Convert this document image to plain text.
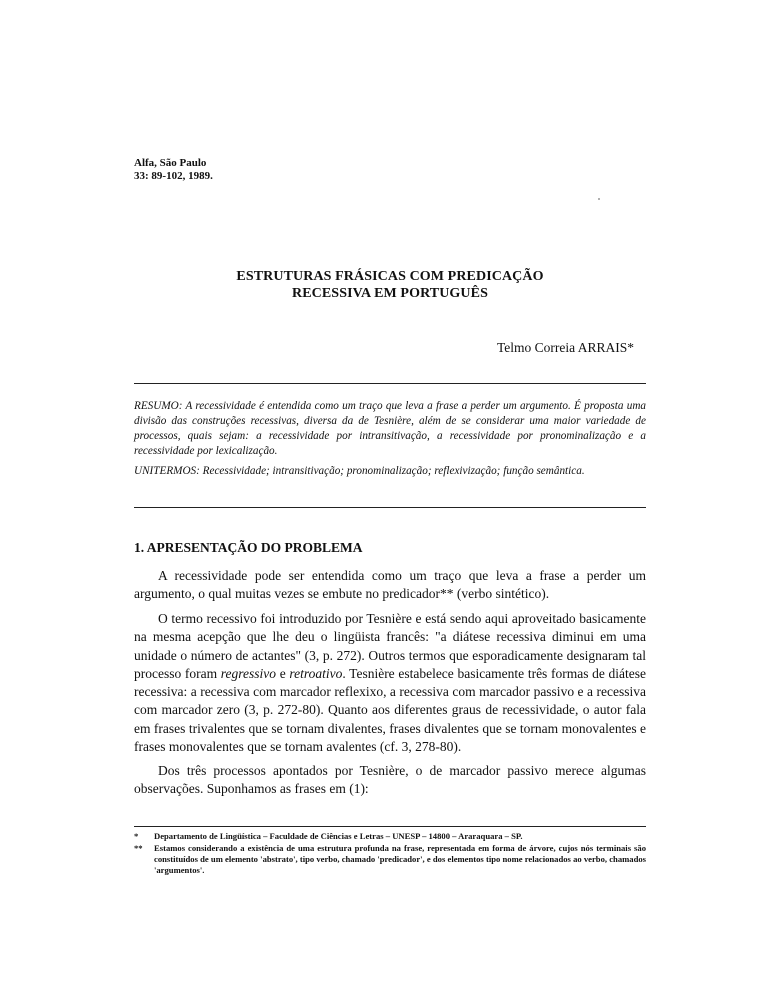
Alfa, São Paulo
33: 89-102, 1989.
ESTRUTURAS FRÁSICAS COM PREDICAÇÃO
RECESSIVA EM PORTUGUÊS
Telmo Correia ARRAIS*
RESUMO: A recessividade é entendida como um traço que leva a frase a perder um argumento. É proposta uma divisão das construções recessivas, diversa da de Tesnière, além de se considerar uma maior variedade de processos, quais sejam: a recessividade por intransitivação, a recessividade por pronominalização e a recessividade por lexicalização.
UNITERMOS: Recessividade; intransitivação; pronominalização; reflexivização; função semântica.
1. APRESENTAÇÃO DO PROBLEMA

A recessividade pode ser entendida como um traço que leva a frase a perder um argumento, o qual muitas vezes se embute no predicador** (verbo sintético).

O termo recessivo foi introduzido por Tesnière e está sendo aqui aproveitado basicamente na mesma acepção que lhe deu o lingüista francês: "a diátese recessiva diminui em uma unidade o número de actantes" (3, p. 272). Outros termos que esporadicamente designaram tal processo foram regressivo e retroativo. Tesnière estabelece basicamente três formas de diátese recessiva: a recessiva com marcador reflexixo, a recessiva com marcador passivo e a recessiva com marcador zero (3, p. 272-80). Quanto aos diferentes graus de recessividade, o autor fala em frases trivalentes que se tornam divalentes, frases divalentes que se tornam monovalentes e frases monovalentes que se tornam avalentes (cf. 3, 278-80).

Dos três processos apontados por Tesnière, o de marcador passivo merece algumas observações. Suponhamos as frases em (1):

* Departamento de Lingüística – Faculdade de Ciências e Letras – UNESP – 14800 – Araraquara – SP.
** Estamos considerando a existência de uma estrutura profunda na frase, representada em forma de árvore, cujos nós terminais são constituídos de um elemento 'abstrato', tipo verbo, chamado 'predicador', e dos elementos tipo nome relacionados ao verbo, chamados 'argumentos'.
